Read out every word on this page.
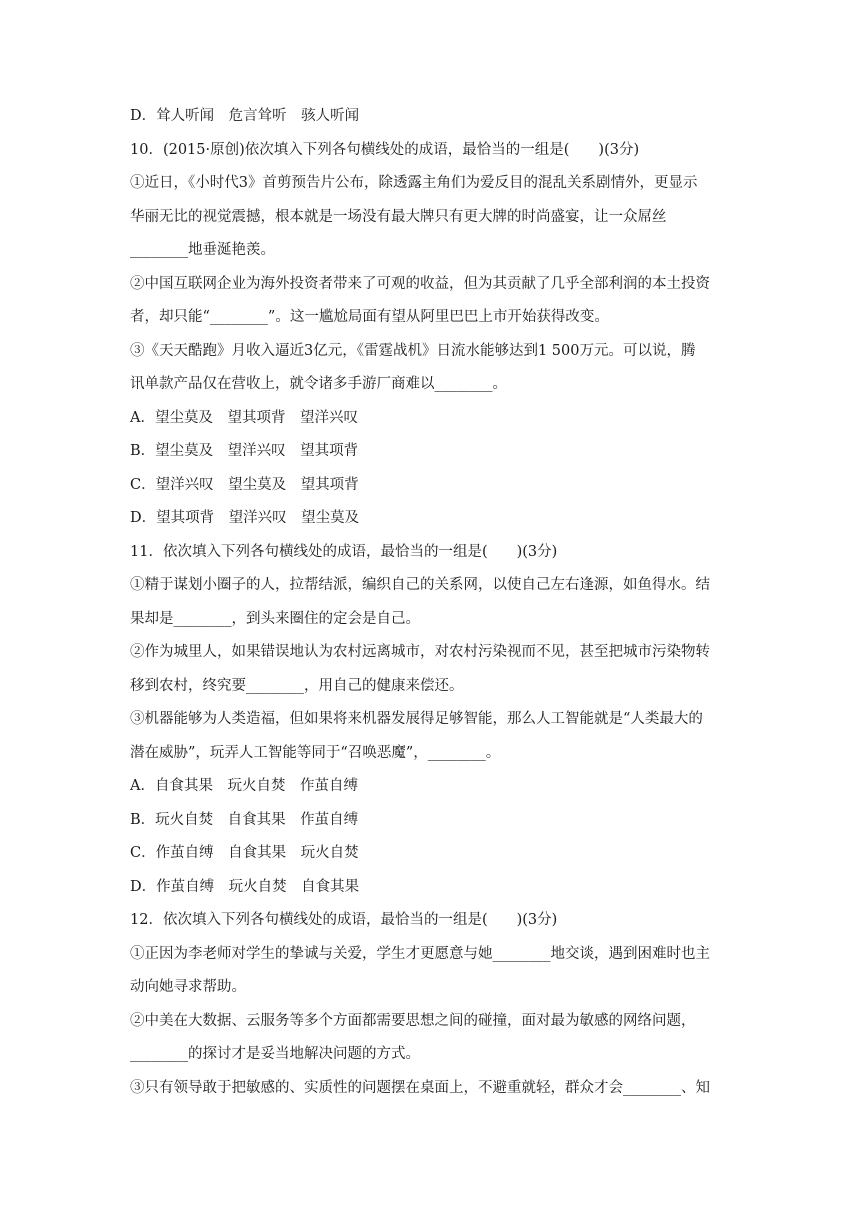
D．耸人听闻　危言耸听　骇人听闻
10．(2015·原创)依次填入下列各句横线处的成语，最恰当的一组是(　　)(3分)
①近日，《小时代3》首剪预告片公布，除透露主角们为爱反目的混乱关系剧情外，更显示
华丽无比的视觉震撼，根本就是一场没有最大牌只有更大牌的时尚盛宴，让一众屌丝
________地垂涎艳羡。
②中国互联网企业为海外投资者带来了可观的收益，但为其贡献了几乎全部利润的本土投资
者，却只能“________”。这一尴尬局面有望从阿里巴巴上市开始获得改变。
③《天天酷跑》月收入逼近3亿元，《雷霆战机》日流水能够达到1 500万元。可以说，腾
讯单款产品仅在营收上，就令诸多手游厂商难以________。
A．望尘莫及　望其项背　望洋兴叹
B．望尘莫及　望洋兴叹　望其项背
C．望洋兴叹　望尘莫及　望其项背
D．望其项背　望洋兴叹　望尘莫及
11．依次填入下列各句横线处的成语，最恰当的一组是(　　)(3分)
①精于谋划小圈子的人，拉帮结派，编织自己的关系网，以使自己左右逢源，如鱼得水。结
果却是________，到头来圈住的定会是自己。
②作为城里人，如果错误地认为农村远离城市，对农村污染视而不见，甚至把城市污染物转
移到农村，终究要________，用自己的健康来偿还。
③机器能够为人类造福，但如果将来机器发展得足够智能，那么人工智能就是“人类最大的
潜在威胁”，玩弄人工智能等同于“召唤恶魔”，________。
A．自食其果　玩火自焚　作茧自缚
B．玩火自焚　自食其果　作茧自缚
C．作茧自缚　自食其果　玩火自焚
D．作茧自缚　玩火自焚　自食其果
12．依次填入下列各句横线处的成语，最恰当的一组是(　　)(3分)
①正因为李老师对学生的挚诚与关爱，学生才更愿意与她________地交谈，遇到困难时也主
动向她寻求帮助。
②中美在大数据、云服务等多个方面都需要思想之间的碰撞，面对最为敏感的网络问题，
________的探讨才是妥当地解决问题的方式。
③只有领导敢于把敏感的、实质性的问题摆在桌面上，不避重就轻，群众才会________、知
